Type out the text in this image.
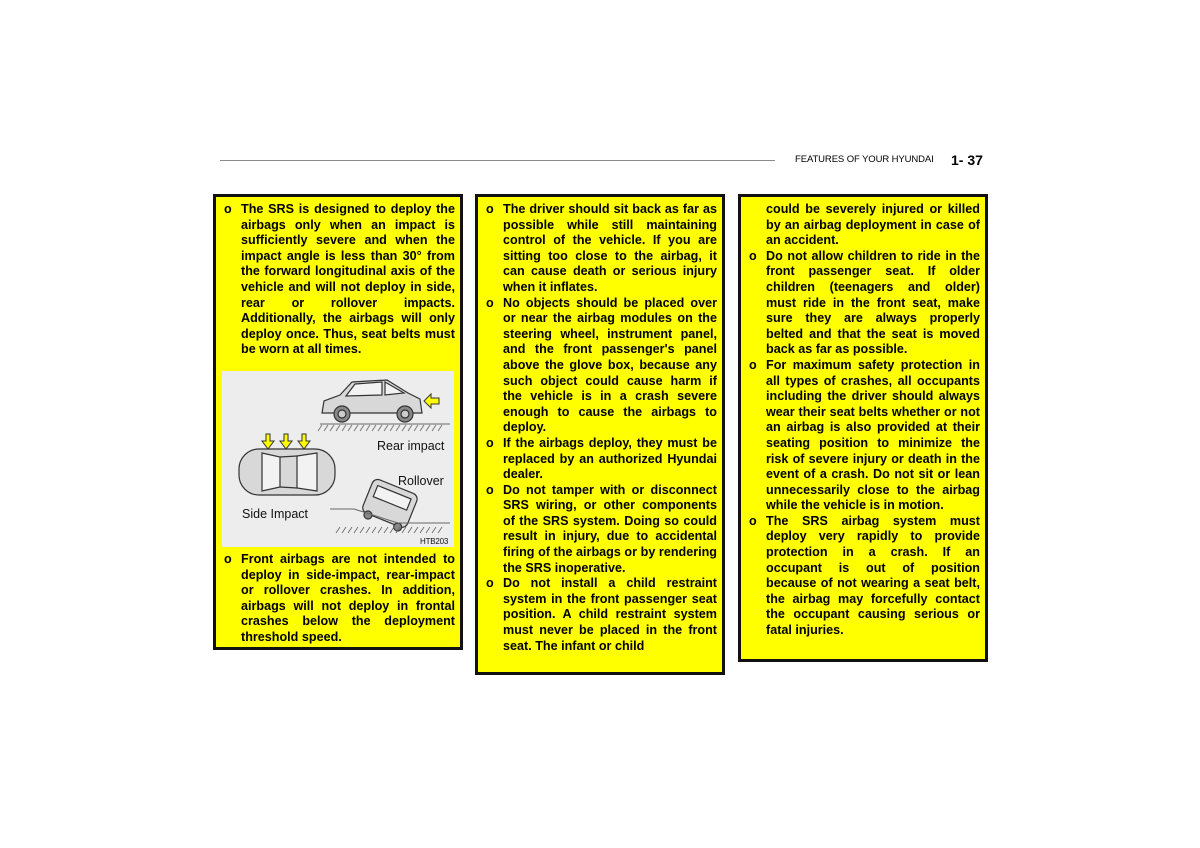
FEATURES OF YOUR HYUNDAI 1- 37
o The SRS is designed to deploy the airbags only when an impact is sufficiently severe and when the impact angle is less than 30° from the forward longitudinal axis of the vehicle and will not deploy in side, rear or rollover impacts. Additionally, the airbags will only deploy once. Thus, seat belts must be worn at all times.
Rear impact
Rollover
Side Impact
HTB203
o Front airbags are not intended to deploy in side-impact, rear-impact or rollover crashes. In addition, airbags will not deploy in frontal crashes below the deployment threshold speed.
o The driver should sit back as far as possible while still maintaining control of the vehicle. If you are sitting too close to the airbag, it can cause death or serious injury when it inflates.
o No objects should be placed over or near the airbag modules on the steering wheel, instrument panel, and the front passenger's panel above the glove box, because any such object could cause harm if the vehicle is in a crash severe enough to cause the airbags to deploy.
o If the airbags deploy, they must be replaced by an authorized Hyundai dealer.
o Do not tamper with or disconnect SRS wiring, or other components of the SRS system. Doing so could result in injury, due to accidental firing of the airbags or by rendering the SRS inoperative.
o Do not install a child restraint system in the front passenger seat position. A child restraint system must never be placed in the front seat. The infant or child
could be severely injured or killed by an airbag deployment in case of an accident.
o Do not allow children to ride in the front passenger seat. If older children (teenagers and older) must ride in the front seat, make sure they are always properly belted and that the seat is moved back as far as possible.
o For maximum safety protection in all types of crashes, all occupants including the driver should always wear their seat belts whether or not an airbag is also provided at their seating position to minimize the risk of severe injury or death in the event of a crash. Do not sit or lean unnecessarily close to the airbag while the vehicle is in motion.
o The SRS airbag system must deploy very rapidly to provide protection in a crash. If an occupant is out of position because of not wearing a seat belt, the airbag may forcefully contact the occupant causing serious or fatal injuries.
